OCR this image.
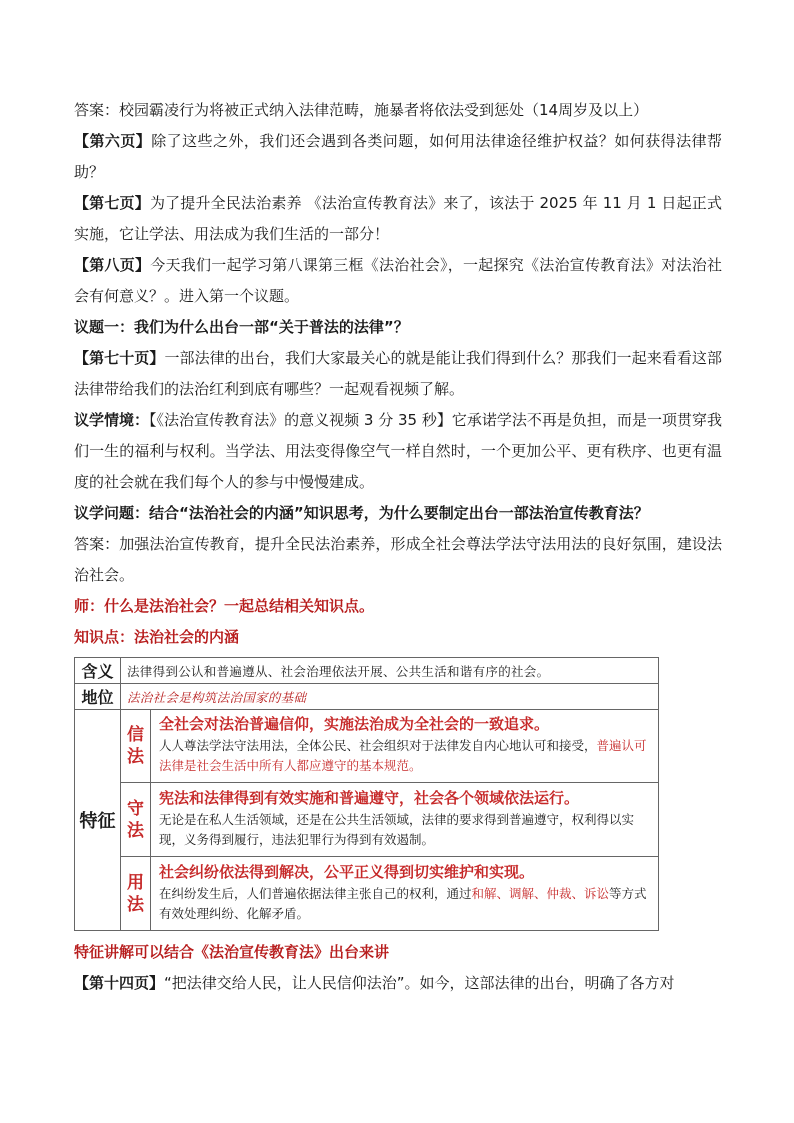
答案：校园霸凌行为将被正式纳入法律范畴，施暴者将依法受到惩处（14周岁及以上）

【第六页】除了这些之外，我们还会遇到各类问题，如何用法律途径维护权益？如何获得法律帮助？

【第七页】为了提升全民法治素养 《法治宣传教育法》来了，该法于 2025 年 11 月 1 日起正式实施，它让学法、用法成为我们生活的一部分！

【第八页】今天我们一起学习第八课第三框《法治社会》，一起探究《法治宣传教育法》对法治社会有何意义？。进入第一个议题。

议题一：我们为什么出台一部“关于普法的法律”？

【第七十页】一部法律的出台，我们大家最关心的就是能让我们得到什么？那我们一起来看看这部法律带给我们的法治红利到底有哪些？一起观看视频了解。

议学情境：【《法治宣传教育法》的意义视频 3 分 35 秒】它承诺学法不再是负担，而是一项贯穿我们一生的福利与权利。当学法、用法变得像空气一样自然时，一个更加公平、更有秩序、也更有温度的社会就在我们每个人的参与中慢慢建成。

议学问题：结合“法治社会的内涵”知识思考，为什么要制定出台一部法治宣传教育法？

答案：加强法治宣传教育，提升全民法治素养，形成全社会尊法学法守法用法的良好氛围，建设法治社会。

师：什么是法治社会？一起总结相关知识点。

知识点：法治社会的内涵

含义	法律得到公认和普遍遵从、社会治理依法开展、公共生活和谐有序的社会。	
地位	法治社会是构筑法治国家的基础	
特征	信法	全社会对法治普遍信仰，实施法治成为全社会的一致追求。
人人尊法学法守法用法，全体公民、社会组织对于法律发自内心地认可和接受，普遍认可法律是社会生活中所有人都应遵守的基本规范。

	守法	宪法和法律得到有效实施和普遍遵守，社会各个领域依法运行。
无论是在私人生活领域，还是在公共生活领域，法律的要求得到普遍遵守，权利得以实现，义务得到履行，违法犯罪行为得到有效遏制。

	用法	社会纠纷依法得到解决，公平正义得到切实维护和实现。
在纠纷发生后，人们普遍依据法律主张自己的权利，通过和解、调解、仲裁、诉讼等方式有效处理纠纷、化解矛盾。

特征讲解可以结合《法治宣传教育法》出台来讲

【第十四页】“把法律交给人民，让人民信仰法治”。如今，这部法律的出台，明确了各方对
